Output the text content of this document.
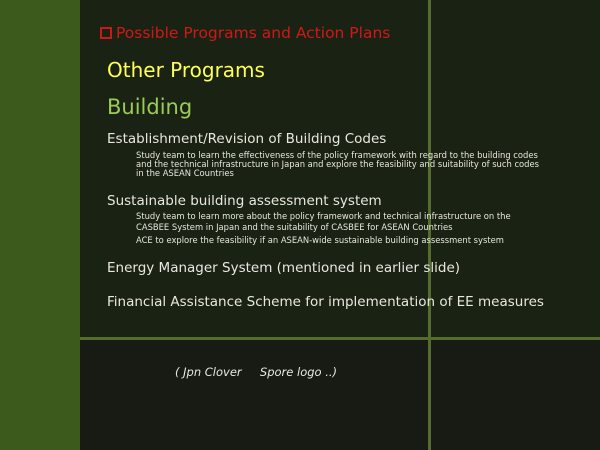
Possible Programs and Action Plans
Other Programs
Building
Establishment/Revision of Building Codes
Study team to learn the effectiveness of the policy framework with regard to the building codes
and the technical infrastructure in Japan and explore the feasibility and suitability of such codes
in the ASEAN Countries
Sustainable building assessment system
Study team to learn more about the policy framework and technical infrastructure on the
CASBEE System in Japan and the suitability of CASBEE for ASEAN Countries
ACE to explore the feasibility if an ASEAN-wide sustainable building assessment system
Energy Manager System (mentioned in earlier slide)
Financial Assistance Scheme for implementation of EE measures
( Jpn Clover     Spore logo ..)
